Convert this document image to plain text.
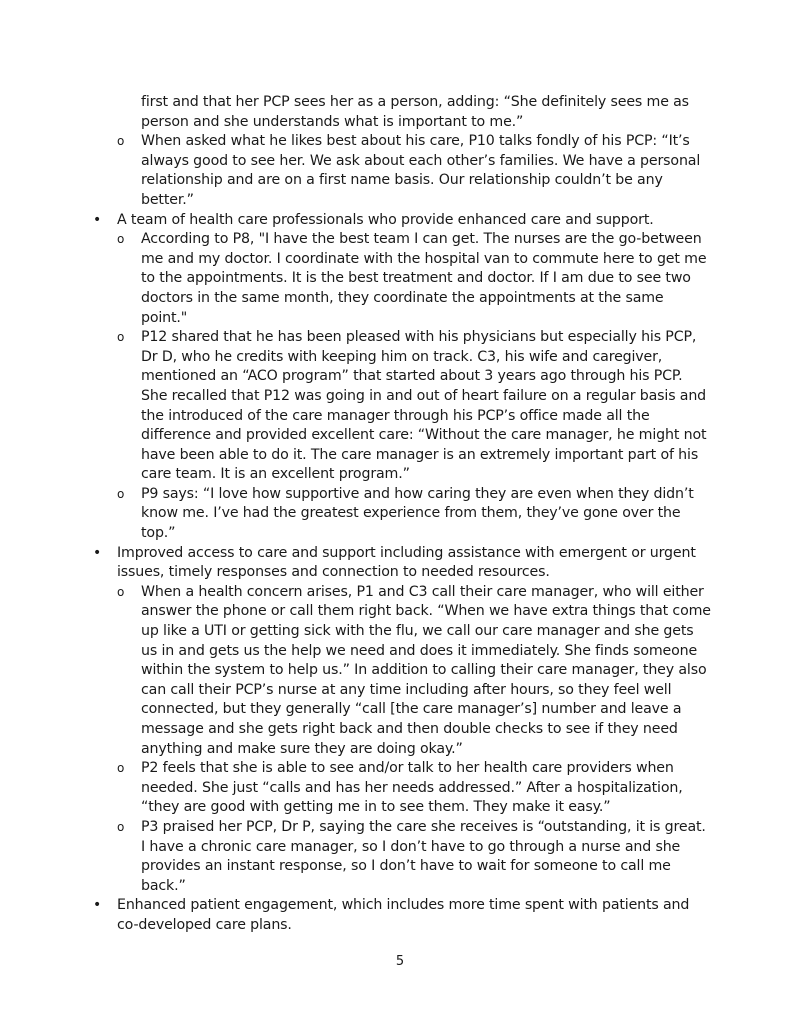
first and that her PCP sees her as a person, adding: “She definitely sees me as person and she understands what is important to me.”

o When asked what he likes best about his care, P10 talks fondly of his PCP: “It’s always good to see her. We ask about each other’s families. We have a personal relationship and are on a first name basis. Our relationship couldn’t be any better.”

• A team of health care professionals who provide enhanced care and support.

o According to P8, "I have the best team I can get. The nurses are the go-between me and my doctor. I coordinate with the hospital van to commute here to get me to the appointments. It is the best treatment and doctor. If I am due to see two doctors in the same month, they coordinate the appointments at the same point."

o P12 shared that he has been pleased with his physicians but especially his PCP, Dr D, who he credits with keeping him on track. C3, his wife and caregiver, mentioned an “ACO program” that started about 3 years ago through his PCP. She recalled that P12 was going in and out of heart failure on a regular basis and the introduced of the care manager through his PCP’s office made all the difference and provided excellent care: “Without the care manager, he might not have been able to do it. The care manager is an extremely important part of his care team. It is an excellent program.”

o P9 says: “I love how supportive and how caring they are even when they didn’t know me. I’ve had the greatest experience from them, they’ve gone over the top.”

• Improved access to care and support including assistance with emergent or urgent issues, timely responses and connection to needed resources.

o When a health concern arises, P1 and C3 call their care manager, who will either answer the phone or call them right back. “When we have extra things that come up like a UTI or getting sick with the flu, we call our care manager and she gets us in and gets us the help we need and does it immediately. She finds someone within the system to help us.” In addition to calling their care manager, they also can call their PCP’s nurse at any time including after hours, so they feel well connected, but they generally “call [the care manager’s] number and leave a message and she gets right back and then double checks to see if they need anything and make sure they are doing okay.”

o P2 feels that she is able to see and/or talk to her health care providers when needed. She just “calls and has her needs addressed.” After a hospitalization, “they are good with getting me in to see them. They make it easy.”

o P3 praised her PCP, Dr P, saying the care she receives is “outstanding, it is great. I have a chronic care manager, so I don’t have to go through a nurse and she provides an instant response, so I don’t have to wait for someone to call me back.”

• Enhanced patient engagement, which includes more time spent with patients and co-developed care plans.

5
